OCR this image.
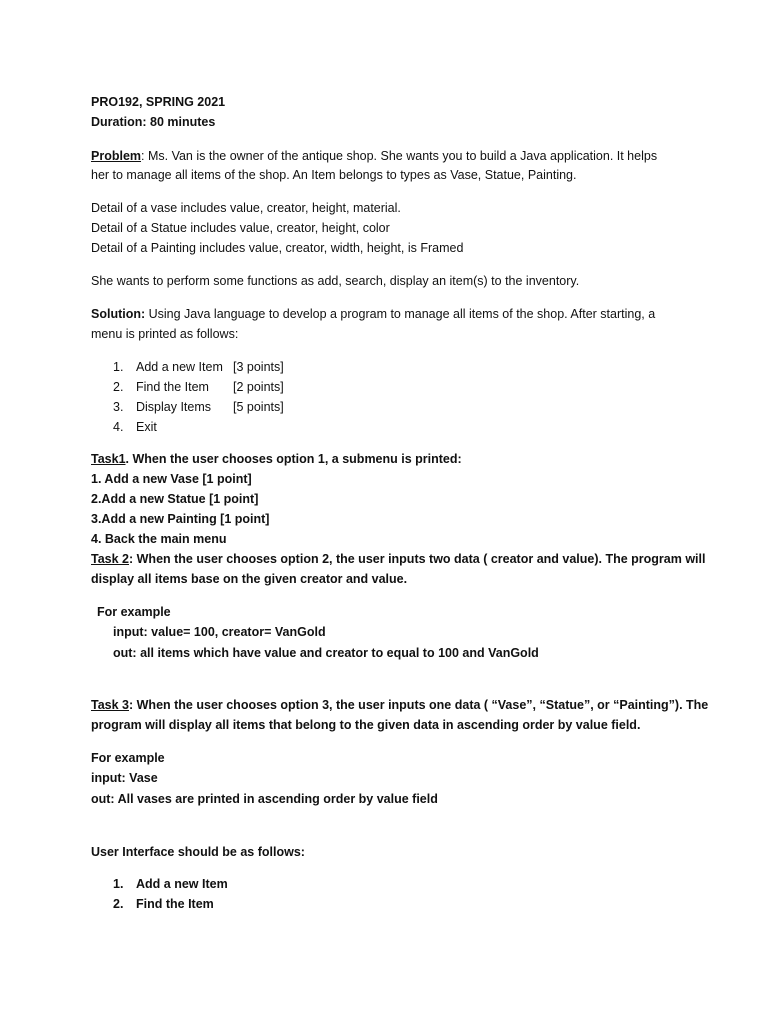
PRO192, SPRING 2021
Duration: 80 minutes
Problem: Ms. Van is the owner of the antique shop. She wants you to build a Java application. It helps
her to manage all items of the shop. An Item belongs to types as Vase, Statue, Painting.
Detail of a vase includes value, creator, height, material.
Detail of a Statue includes value, creator, height, color
Detail of a Painting includes value, creator, width, height, is Framed
She wants to perform some functions as add, search, display an item(s) to the inventory.
Solution: Using Java language to develop a program to manage all items of the shop. After starting, a
menu is printed as follows:
1. Add a new Item [3 points]
2. Find the Item [2 points]
3. Display Items [5 points]
4. Exit
Task1. When the user chooses option 1, a submenu is printed:
1. Add a new Vase [1 point]
2.Add a new Statue [1 point]
3.Add a new Painting [1 point]
4. Back the main menu
Task 2: When the user chooses option 2, the user inputs two data ( creator and value). The program will
display all items base on the given creator and value.
For example
input: value= 100, creator= VanGold
out: all items which have value and creator to equal to 100 and VanGold
Task 3: When the user chooses option 3, the user inputs one data ( “Vase”, “Statue”, or “Painting”). The
program will display all items that belong to the given data in ascending order by value field.
For example
input: Vase
out: All vases are printed in ascending order by value field
User Interface should be as follows:
1. Add a new Item
2. Find the Item
